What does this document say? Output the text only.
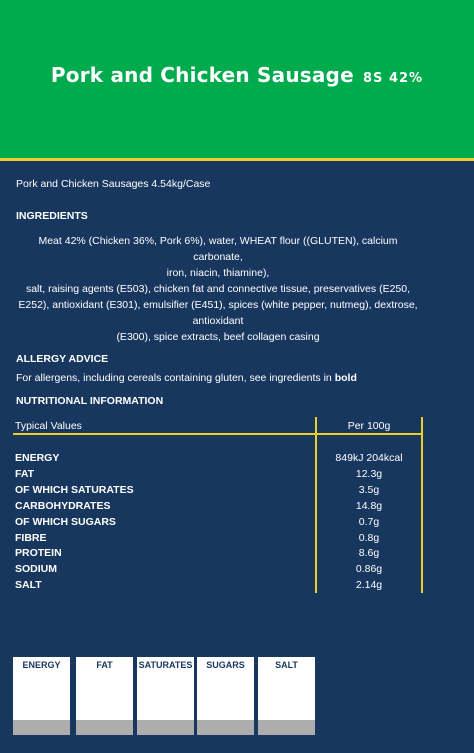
Pork and Chicken Sausage 8S 42%
Pork and Chicken Sausages 4.54kg/Case
INGREDIENTS
Meat 42% (Chicken 36%, Pork 6%), water, WHEAT flour ((GLUTEN), calcium carbonate,
iron, niacin, thiamine),
salt, raising agents (E503), chicken fat and connective tissue, preservatives (E250,
E252), antioxidant (E301), emulsifier (E451), spices (white pepper, nutmeg), dextrose,
antioxidant
(E300), spice extracts, beef collagen casing
ALLERGY ADVICE
For allergens, including cereals containing gluten, see ingredients in bold
NUTRITIONAL INFORMATION
Typical Values	Per 100g
ENERGY	849kJ 204kcal
FAT	12.3g
OF WHICH SATURATES	3.5g
CARBOHYDRATES	14.8g
OF WHICH SUGARS	0.7g
FIBRE	0.8g
PROTEIN	8.6g
SODIUM	0.86g
SALT	2.14g
ENERGY	FAT	SATURATES	SUGARS	SALT
